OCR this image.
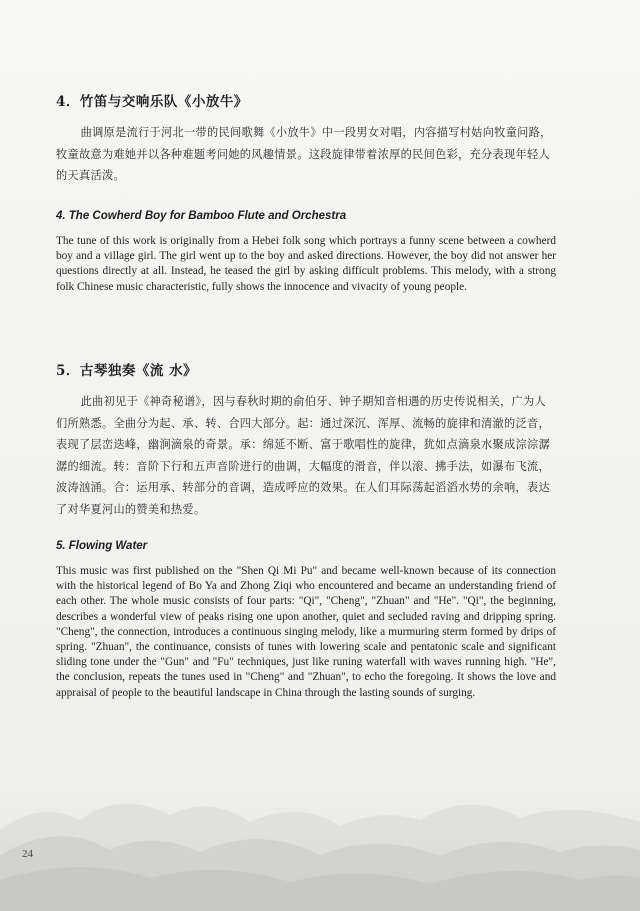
4．竹笛与交响乐队《小放牛》

曲调原是流行于河北一带的民间歌舞《小放牛》中一段男女对唱，内容描写村姑向牧童问路，牧童故意为难她并以各种难题考问她的风趣情景。这段旋律带着浓厚的民间色彩，充分表现年轻人的天真活泼。

4. The Cowherd Boy for Bamboo Flute and Orchestra

The tune of this work is originally from a Hebei folk song which portrays a funny scene between a cowherd boy and a village girl. The girl went up to the boy and asked directions. However, the boy did not answer her questions directly at all. Instead, he teased the girl by asking difficult problems. This melody, with a strong folk Chinese music characteristic, fully shows the innocence and vivacity of young people.

5．古琴独奏《流 水》

此曲初见于《神奇秘谱》，因与春秋时期的俞伯牙、钟子期知音相遇的历史传说相关，广为人们所熟悉。全曲分为起、承、转、合四大部分。起：通过深沉、浑厚、流畅的旋律和清澈的泛音，表现了层峦迭峰，幽涧滴泉的奇景。承：绵延不断、富于歌唱性的旋律，犹如点滴泉水聚成淙淙潺潺的细流。转：音阶下行和五声音阶进行的曲调，大幅度的滑音，伴以滚、拂手法，如瀑布飞流，波涛汹涌。合：运用承、转部分的音调，造成呼应的效果。在人们耳际荡起滔滔水势的余响，表达了对华夏河山的赞美和热爱。

5. Flowing Water

This music was first published on the "Shen Qi Mi Pu" and became well-known because of its connection with the historical legend of Bo Ya and Zhong Ziqi who encountered and became an understanding friend of each other. The whole music consists of four parts: "Qi", "Cheng", "Zhuan" and "He". "Qi", the beginning, describes a wonderful view of peaks rising one upon another, quiet and secluded raving and dripping spring. "Cheng", the connection, introduces a continuous singing melody, like a murmuring sterm formed by drips of spring. "Zhuan", the continuance, consists of tunes with lowering scale and pentatonic scale and significant sliding tone under the "Gun" and "Fu" techniques, just like runing waterfall with waves running high. "He", the conclusion, repeats the tunes used in "Cheng" and "Zhuan", to echo the foregoing. It shows the love and appraisal of people to the beautiful landscape in China through the lasting sounds of surging.

24
